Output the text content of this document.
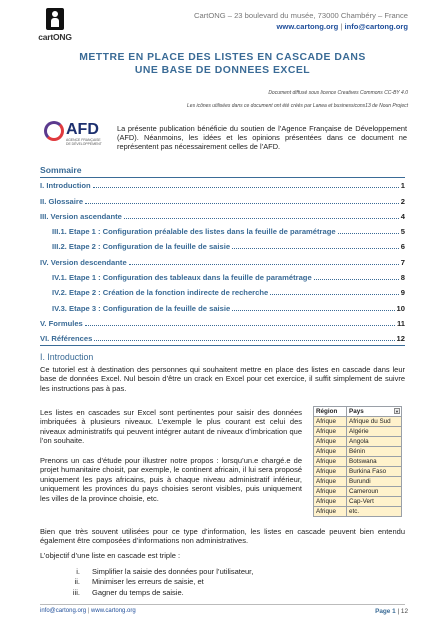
cartONG
CartONG – 23 boulevard du musée, 73000 Chambéry – France
www.cartong.org | info@cartong.org
METTRE EN PLACE DES LISTES EN CASCADE DANS
UNE BASE DE DONNEES EXCEL
Document diffusé sous licence Creatives Commons CC-BY 4.0
Les icônes utilisées dans ce document ont été créés par Lanea et businessicons13 de Noun Project
AFD
AGENCE FRANÇAISE DE DÉVELOPPEMENT
La présente publication bénéficie du soutien de l’Agence Française de Développement (AFD). Néanmoins, les idées et les opinions présentées dans ce document ne représentent pas nécessairement celles de l’AFD.
Sommaire
I. Introduction	1
II. Glossaire	2
III. Version ascendante	4
III.1. Etape 1 : Configuration préalable des listes dans la feuille de paramétrage	5
III.2. Etape 2 : Configuration de la feuille de saisie	6
IV. Version descendante	7
IV.1. Etape 1 : Configuration des tableaux dans la feuille de paramétrage	8
IV.2. Etape 2 : Création de la fonction indirecte de recherche	9
IV.3. Etape 3 : Configuration de la feuille de saisie	10
V. Formules	11
VI. Références	12
I. Introduction
Ce tutoriel est à destination des personnes qui souhaitent mettre en place des listes en cascade dans leur base de données Excel. Nul besoin d’être un crack en Excel pour cet exercice, il suffit simplement de suivre les instructions pas à pas.
Les listes en cascades sur Excel sont pertinentes pour saisir des données imbriquées à plusieurs niveaux. L’exemple le plus courant est celui des niveaux administratifs qui peuvent intégrer autant de niveaux d’imbrication que l’on souhaite.
Prenons un cas d’étude pour illustrer notre propos : lorsqu’un.e chargé.e de projet humanitaire choisit, par exemple, le continent africain, il lui sera proposé uniquement les pays africains, puis à chaque niveau administratif inférieur, uniquement les provinces du pays choisies seront visibles, puis uniquement les villes de la province choisie, etc.
Bien que très souvent utilisées pour ce type d’information, les listes en cascade peuvent bien entendu également être composées d’informations non administratives.
L’objectif d’une liste en cascade est triple :
i.	Simplifier la saisie des données pour l’utilisateur,
ii.	Minimiser les erreurs de saisie, et
iii.	Gagner du temps de saisie.
Région	Pays ▼

Afrique	Afrique du Sud
Afrique	Algérie
Afrique	Angola
Afrique	Bénin
Afrique	Botswana
Afrique	Burkina Faso
Afrique	Burundi
Afrique	Cameroun
Afrique	Cap-Vert
Afrique	etc.
info@cartong.org | www.cartong.org	Page 1 | 12
